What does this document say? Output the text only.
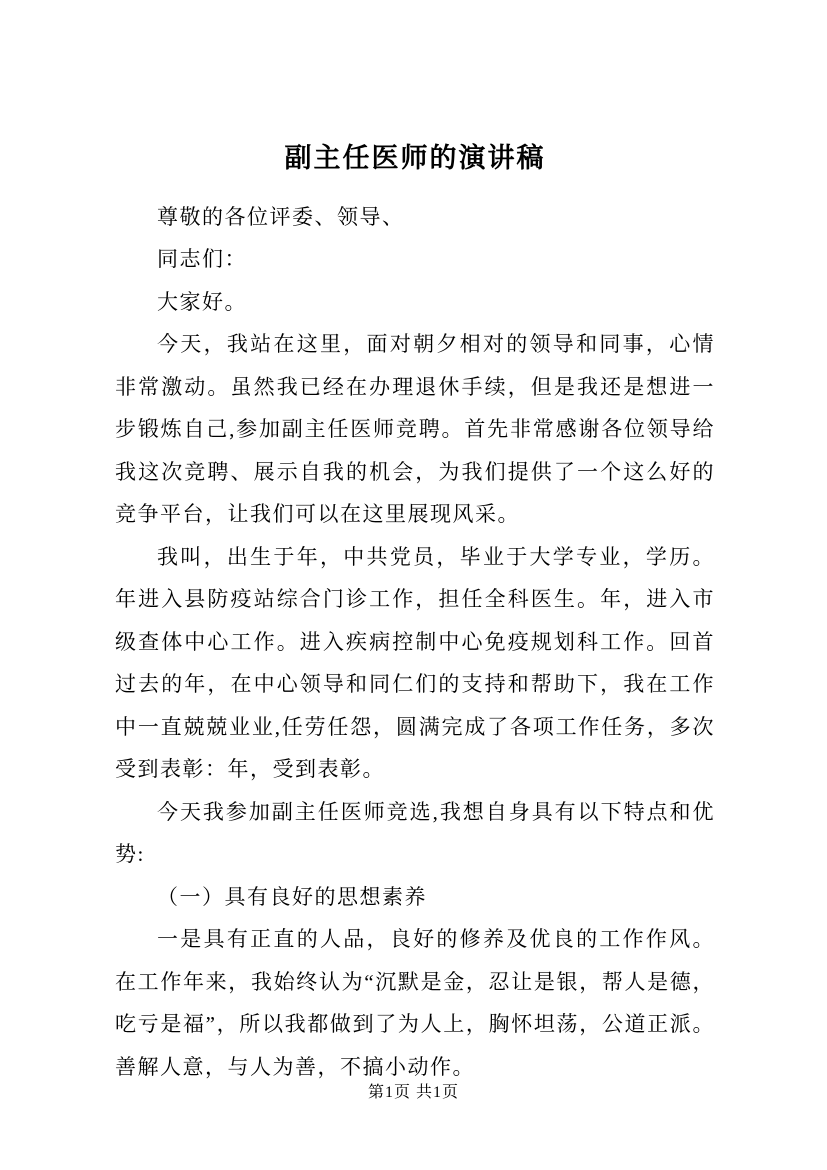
副主任医师的演讲稿

尊敬的各位评委、领导、

同志们：

大家好。

今天，我站在这里，面对朝夕相对的领导和同事，心情非常激动。虽然我已经在办理退休手续，但是我还是想进一步锻炼自己,参加副主任医师竞聘。首先非常感谢各位领导给我这次竞聘、展示自我的机会，为我们提供了一个这么好的竞争平台，让我们可以在这里展现风采。

我叫，出生于年，中共党员，毕业于大学专业，学历。年进入县防疫站综合门诊工作，担任全科医生。年，进入市级查体中心工作。进入疾病控制中心免疫规划科工作。回首过去的年，在中心领导和同仁们的支持和帮助下，我在工作中一直兢兢业业,任劳任怨，圆满完成了各项工作任务，多次受到表彰：年，受到表彰。

今天我参加副主任医师竞选,我想自身具有以下特点和优势:

（一）具有良好的思想素养

一是具有正直的人品，良好的修养及优良的工作作风。在工作年来，我始终认为“沉默是金，忍让是银，帮人是德，吃亏是福”，所以我都做到了为人上，胸怀坦荡，公道正派。善解人意，与人为善，不搞小动作。

第1页 共1页
